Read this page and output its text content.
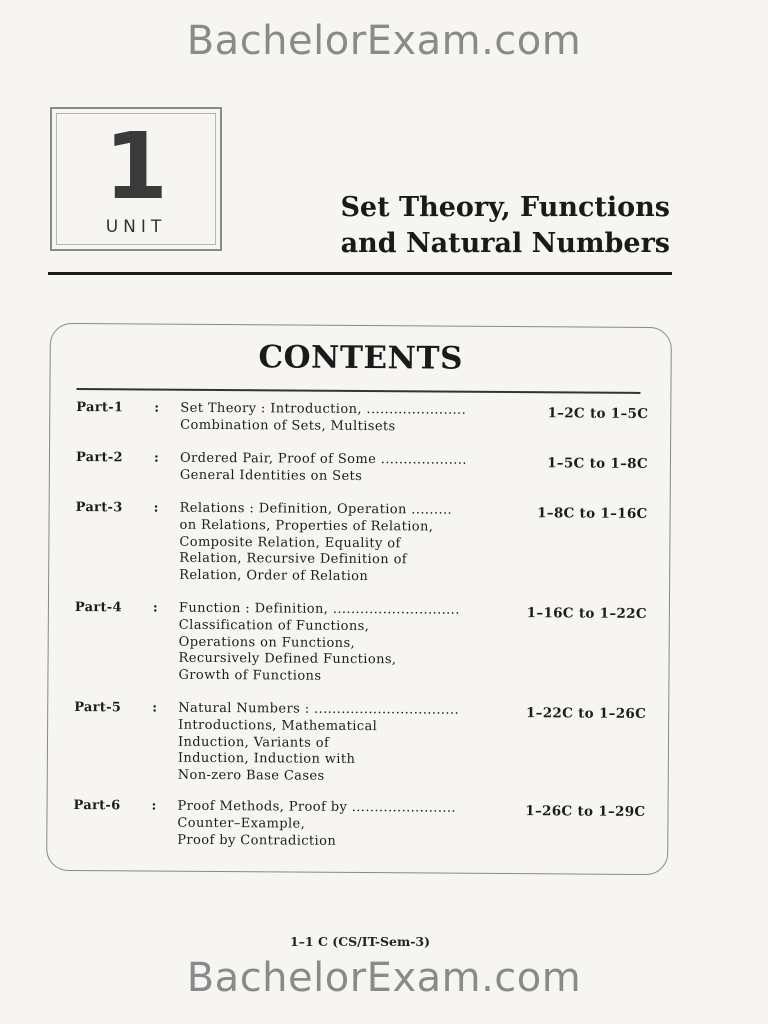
BachelorExam.com
1
UNIT
Set Theory, Functions
and Natural Numbers
CONTENTS
Part-1 : Set Theory : Introduction, ......................
Combination of Sets, Multisets
1–2C to 1–5C
Part-2 : Ordered Pair, Proof of Some ...................
General Identities on Sets
1–5C to 1–8C
Part-3 : Relations : Definition, Operation .........
on Relations, Properties of Relation,
Composite Relation, Equality of
Relation, Recursive Definition of
Relation, Order of Relation
1–8C to 1–16C
Part-4 : Function : Definition, ............................
Classification of Functions,
Operations on Functions,
Recursively Defined Functions,
Growth of Functions
1–16C to 1–22C
Part-5 : Natural Numbers : ................................
Introductions, Mathematical
Induction, Variants of
Induction, Induction with
Non-zero Base Cases
1–22C to 1–26C
Part-6 : Proof Methods, Proof by .......................
Counter–Example,
Proof by Contradiction
1–26C to 1–29C
1–1 C (CS/IT-Sem-3)
BachelorExam.com
